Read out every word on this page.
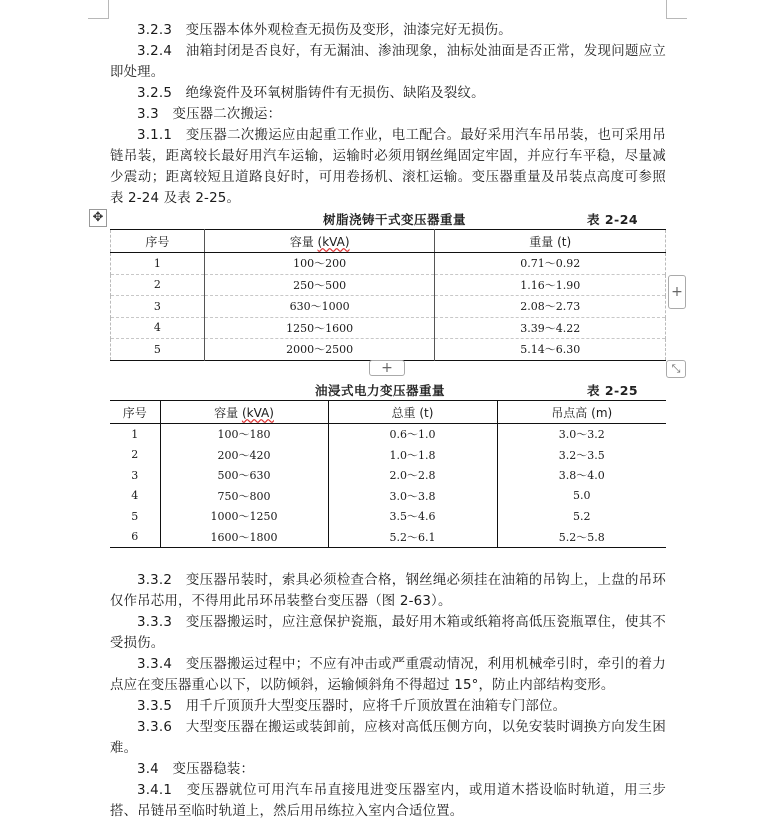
3.2.3　变压器本体外观检查无损伤及变形，油漆完好无损伤。

3.2.4　油箱封闭是否良好，有无漏油、渗油现象，油标处油面是否正常，发现问题应立即处理。

3.2.5　绝缘瓷件及环氧树脂铸件有无损伤、缺陷及裂纹。

3.3　变压器二次搬运：

3.1.1　变压器二次搬运应由起重工作业，电工配合。最好采用汽车吊吊装，也可采用吊链吊装，距离较长最好用汽车运输，运输时必须用钢丝绳固定牢固，并应行车平稳，尽量减少震动；距离较短且道路良好时，可用卷扬机、滚杠运输。变压器重量及吊装点高度可参照表 2-24 及表 2-25。

✥	树脂浇铸干式变压器重量	表 2-24
序号	容量 (kVA)	重量 (t)
1	100～200	0.71～0.92
2	250～500	1.16～1.90
3	630～1000	2.08～2.73
4	1250～1600	3.39～4.22
5	2000～2500	5.14～6.30
+
+	⤡
油浸式电力变压器重量	表 2-25
序号	容量 (kVA)	总重 (t)	吊点高 (m)
1	100～180	0.6～1.0	3.0～3.2
2	200～420	1.0～1.8	3.2～3.5
3	500～630	2.0～2.8	3.8～4.0
4	750～800	3.0～3.8	5.0
5	1000～1250	3.5～4.6	5.2
6	1600～1800	5.2～6.1	5.2～5.8

3.3.2　变压器吊装时，索具必须检查合格，钢丝绳必须挂在油箱的吊钩上，上盘的吊环仅作吊芯用，不得用此吊环吊装整台变压器（图 2-63）。

3.3.3　变压器搬运时，应注意保护瓷瓶，最好用木箱或纸箱将高低压瓷瓶罩住，使其不受损伤。

3.3.4　变压器搬运过程中；不应有冲击或严重震动情况，利用机械牵引时，牵引的着力点应在变压器重心以下，以防倾斜，运输倾斜角不得超过 15°，防止内部结构变形。

3.3.5　用千斤顶顶升大型变压器时，应将千斤顶放置在油箱专门部位。

3.3.6　大型变压器在搬运或装卸前，应核对高低压侧方向，以免安装时调换方向发生困难。

3.4　变压器稳装：

3.4.1　变压器就位可用汽车吊直接甩进变压器室内，或用道木搭设临时轨道，用三步搭、吊链吊至临时轨道上，然后用吊练拉入室内合适位置。
